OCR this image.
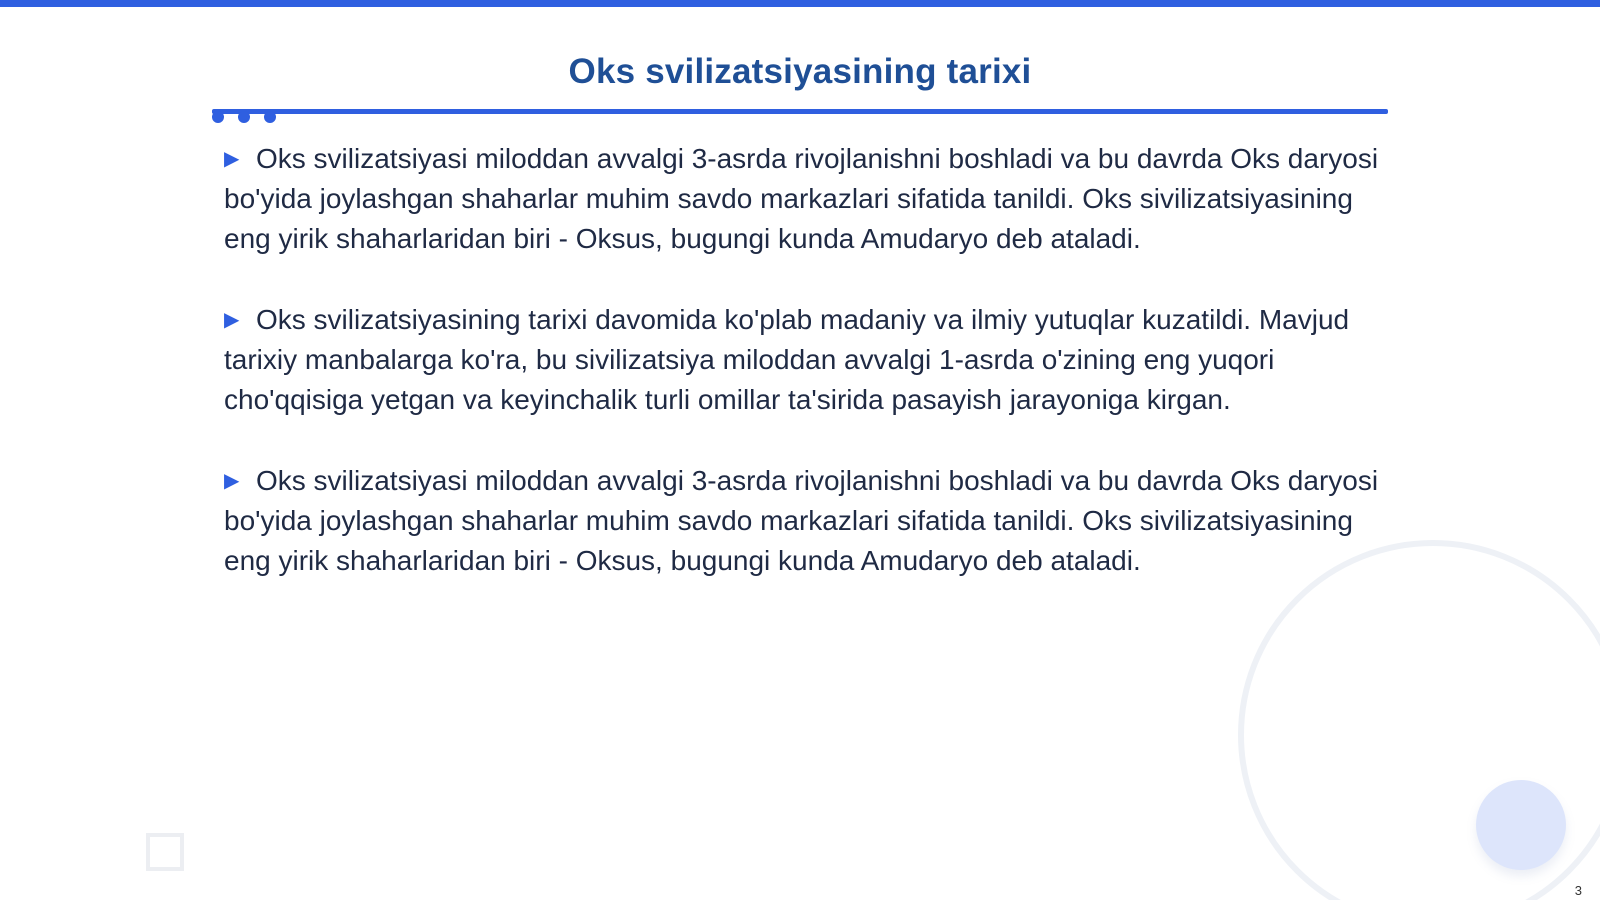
Oks svilizatsiyasining tarixi

▶ Oks svilizatsiyasi miloddan avvalgi 3-asrda rivojlanishni boshladi va bu davrda Oks daryosi bo'yida joylashgan shaharlar muhim savdo markazlari sifatida tanildi. Oks sivilizatsiyasining eng yirik shaharlaridan biri - Oksus, bugungi kunda Amudaryo deb ataladi.

▶ Oks svilizatsiyasining tarixi davomida ko'plab madaniy va ilmiy yutuqlar kuzatildi. Mavjud tarixiy manbalarga ko'ra, bu sivilizatsiya miloddan avvalgi 1-asrda o'zining eng yuqori cho'qqisiga yetgan va keyinchalik turli omillar ta'sirida pasayish jarayoniga kirgan.

▶ Oks svilizatsiyasi miloddan avvalgi 3-asrda rivojlanishni boshladi va bu davrda Oks daryosi bo'yida joylashgan shaharlar muhim savdo markazlari sifatida tanildi. Oks sivilizatsiyasining eng yirik shaharlaridan biri - Oksus, bugungi kunda Amudaryo deb ataladi.

3
